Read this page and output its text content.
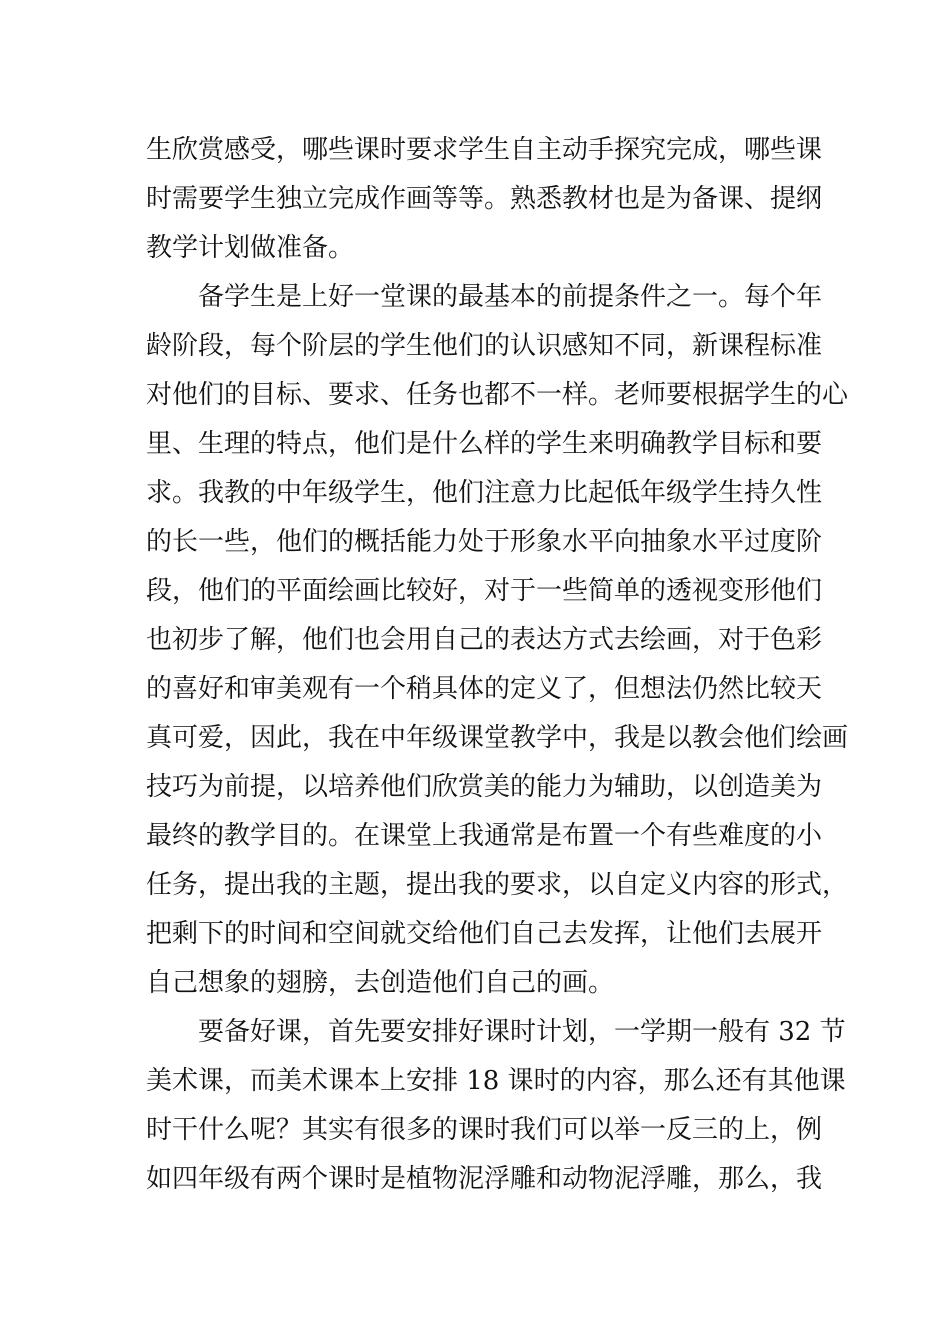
生欣赏感受，哪些课时要求学生自主动手探究完成，哪些课
时需要学生独立完成作画等等。熟悉教材也是为备课、提纲
教学计划做准备。
备学生是上好一堂课的最基本的前提条件之一。每个年
龄阶段，每个阶层的学生他们的认识感知不同，新课程标准
对他们的目标、要求、任务也都不一样。老师要根据学生的心
里、生理的特点，他们是什么样的学生来明确教学目标和要
求。我教的中年级学生，他们注意力比起低年级学生持久性
的长一些，他们的概括能力处于形象水平向抽象水平过度阶
段，他们的平面绘画比较好，对于一些简单的透视变形他们
也初步了解，他们也会用自己的表达方式去绘画，对于色彩
的喜好和审美观有一个稍具体的定义了，但想法仍然比较天
真可爱，因此，我在中年级课堂教学中，我是以教会他们绘画
技巧为前提，以培养他们欣赏美的能力为辅助，以创造美为
最终的教学目的。在课堂上我通常是布置一个有些难度的小
任务，提出我的主题，提出我的要求，以自定义内容的形式，
把剩下的时间和空间就交给他们自己去发挥，让他们去展开
自己想象的翅膀，去创造他们自己的画。
要备好课，首先要安排好课时计划，一学期一般有 32 节
美术课，而美术课本上安排 18 课时的内容，那么还有其他课
时干什么呢？其实有很多的课时我们可以举一反三的上，例
如四年级有两个课时是植物泥浮雕和动物泥浮雕，那么，我
